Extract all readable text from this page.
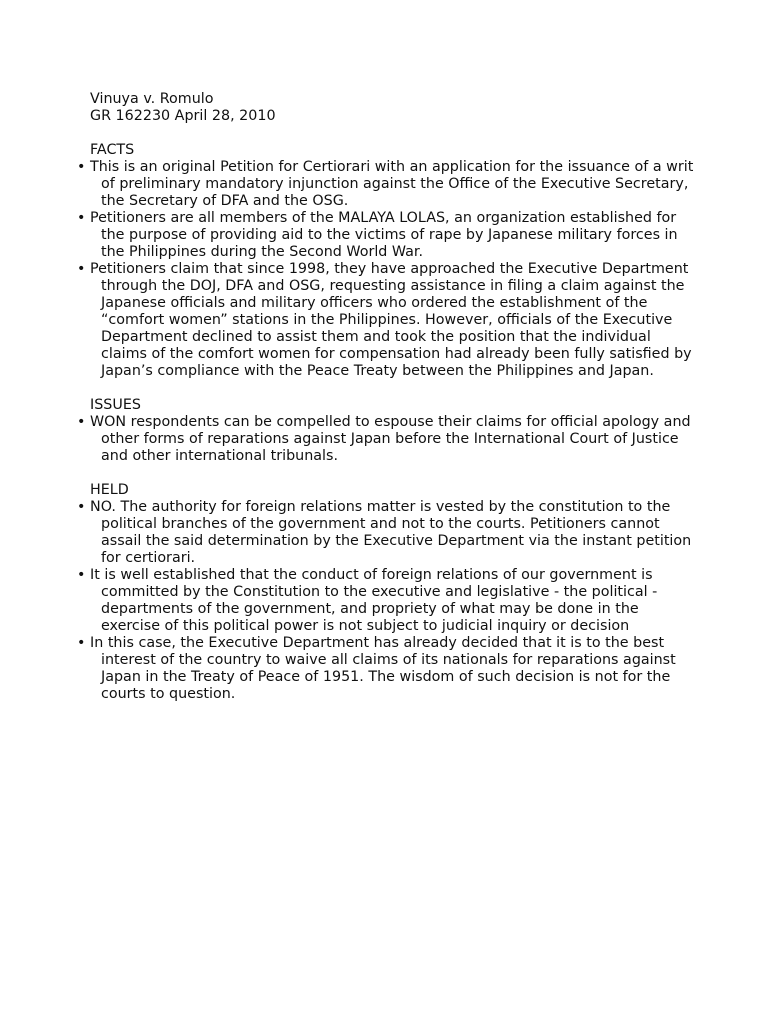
Vinuya v. Romulo
GR 162230 April 28, 2010
FACTS
• This is an original Petition for Certiorari with an application for the issuance of a writ
of preliminary mandatory injunction against the Office of the Executive Secretary,
the Secretary of DFA and the OSG.
• Petitioners are all members of the MALAYA LOLAS, an organization established for
the purpose of providing aid to the victims of rape by Japanese military forces in
the Philippines during the Second World War.
• Petitioners claim that since 1998, they have approached the Executive Department
through the DOJ, DFA and OSG, requesting assistance in filing a claim against the
Japanese officials and military officers who ordered the establishment of the
“comfort women” stations in the Philippines. However, officials of the Executive
Department declined to assist them and took the position that the individual
claims of the comfort women for compensation had already been fully satisfied by
Japan’s compliance with the Peace Treaty between the Philippines and Japan.
ISSUES
• WON respondents can be compelled to espouse their claims for official apology and
other forms of reparations against Japan before the International Court of Justice
and other international tribunals.
HELD
• NO. The authority for foreign relations matter is vested by the constitution to the
political branches of the government and not to the courts. Petitioners cannot
assail the said determination by the Executive Department via the instant petition
for certiorari.
• It is well established that the conduct of foreign relations of our government is
committed by the Constitution to the executive and legislative - the political -
departments of the government, and propriety of what may be done in the
exercise of this political power is not subject to judicial inquiry or decision
• In this case, the Executive Department has already decided that it is to the best
interest of the country to waive all claims of its nationals for reparations against
Japan in the Treaty of Peace of 1951. The wisdom of such decision is not for the
courts to question.
